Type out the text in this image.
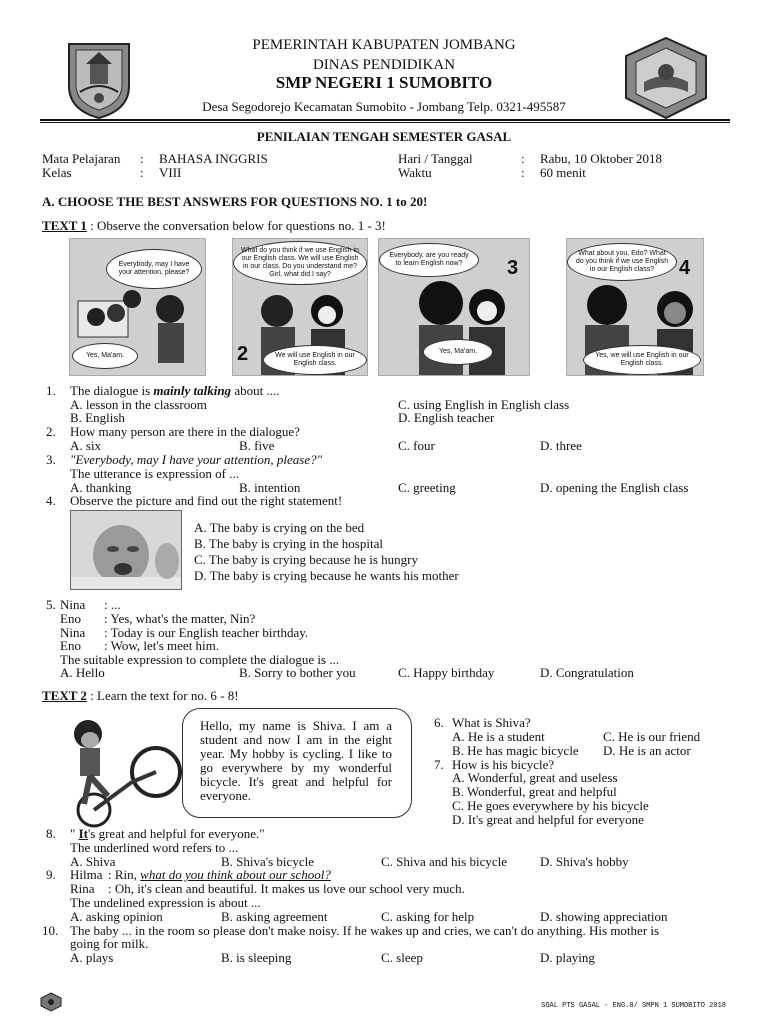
PEMERINTAH KABUPATEN JOMBANG
DINAS PENDIDIKAN
SMP NEGERI 1 SUMOBITO
Desa Segodorejo Kecamatan Sumobito - Jombang Telp. 0321-495587
PENILAIAN TENGAH SEMESTER GASAL
Mata Pelajaran : BAHASA INGGRIS
Kelas	: VIII
Hari / Tanggal	: Rabu, 10 Oktober 2018
Waktu	: 60 menit
A. CHOOSE THE BEST ANSWERS FOR QUESTIONS NO. 1 to 20!
TEXT 1 : Observe the conversation below for questions no. 1 - 3!
Everybody, may I have your attention, please?
Yes, Ma'am.
What do you think if we use English in our English class. We will use English in our class. Do you understand me? Girl, what did I say?
2	We will use English in our English class.
Everybody, are you ready to learn English now?	3
Yes, Ma'am.
What about you, Edo? What do you think if we use English in our English class?	4
Yes, we will use English in our English class.
1. The dialogue is mainly talking about ....
A. lesson in the classroom
B. English
C. using English in English class
D. English teacher
2. How many person are there in the dialogue?
A. six	B. five	C. four	D. three
3. "Everybody, may I have your attention, please?"
The utterance is expression of ...
A. thanking	B. intention	C. greeting	D. opening the English class
4. Observe the picture and find out the right statement!
A. The baby is crying on the bed
B. The baby is crying in the hospital
C. The baby is crying because he is hungry
D. The baby is crying because he wants his mother
5. Nina : ...
Eno : Yes, what's the matter, Nin?
Nina : Today is our English teacher birthday.
Eno : Wow, let's meet him.
The suitable expression to complete the dialogue is ...
A. Hello	B. Sorry to bother you	C. Happy birthday	D. Congratulation
TEXT 2 : Learn the text for no. 6 - 8!
Hello, my name is Shiva. I am a student and now I am in the eight year. My hobby is cycling. I like to go everywhere by my wonderful bicycle. It's great and helpful for everyone.
6. What is Shiva?
A. He is a student
B. He has magic bicycle
C. He is our friend
D. He is an actor
7. How is his bicycle?
A. Wonderful, great and useless
B. Wonderful, great and helpful
C. He goes everywhere by his bicycle
D. It's great and helpful for everyone
8. " It's great and helpful for everyone."
The underlined word refers to ...
A. Shiva	B. Shiva's bicycle	C. Shiva and his bicycle	D. Shiva's hobby
9. Hilma : Rin, what do you think about our school?
Rina : Oh, it's clean and beautiful. It makes us love our school very much.
The undelined expression is about ...
A. asking opinion	B. asking agreement	C. asking for help	D. showing appreciation
10. The baby ... in the room so please don't make noisy. If he wakes up and cries, we can't do anything. His mother is
going for milk.
A. plays	B. is sleeping	C. sleep	D. playing
SOAL PTS GASAL - ENG.8/ SMPN 1 SUMOBITO 2018
